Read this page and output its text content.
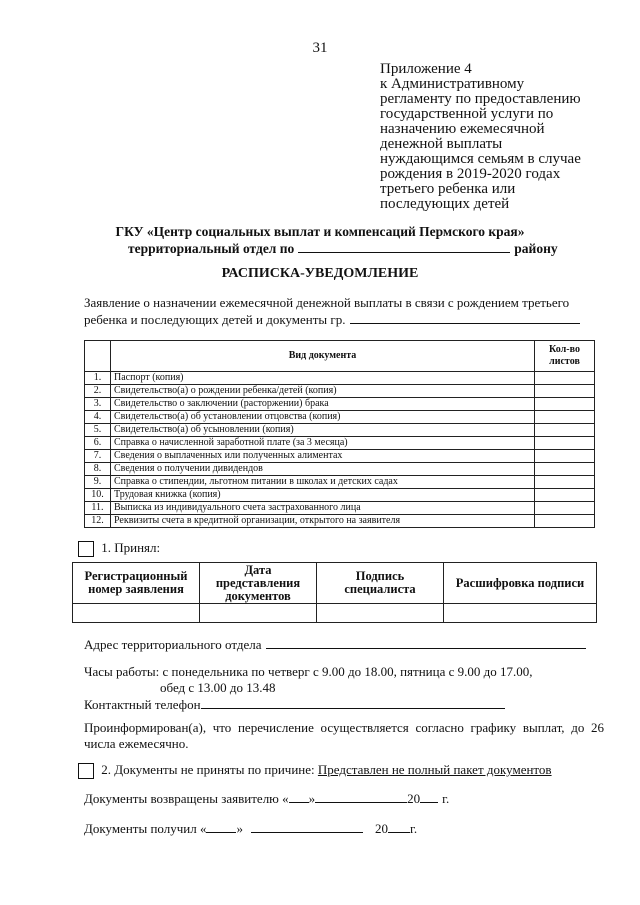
31
Приложение 4
к Административному
регламенту по предоставлению
государственной услуги по
назначению ежемесячной
денежной выплаты
нуждающимся семьям в случае
рождения в 2019-2020 годах
третьего ребенка или
последующих детей
ГКУ «Центр социальных выплат и компенсаций Пермского края»
территориальный отдел по	району
РАСПИСКА-УВЕДОМЛЕНИЕ
Заявление о назначении ежемесячной денежной выплаты в связи с рождением третьего
ребенка и последующих детей и документы гр.
	Вид документа	Кол-во листов
1.	Паспорт (копия)	
2.	Свидетельство(а) о рождении ребенка/детей (копия)	
3.	Свидетельство о заключении (расторжении) брака	
4.	Свидетельство(а) об установлении отцовства (копия)	
5.	Свидетельство(а) об усыновлении (копия)	
6.	Справка о начисленной заработной плате (за 3 месяца)	
7.	Сведения о выплаченных или полученных алиментах	
8.	Сведения о получении дивидендов	
9.	Справка о стипендии, льготном питании в школах и детских садах	
10.	Трудовая книжка (копия)	
11.	Выписка из индивидуального счета застрахованного лица	
12.	Реквизиты счета в кредитной организации, открытого на заявителя	
1. Принял:
Регистрационный номер заявления	Дата представления документов	Подпись специалиста	Расшифровка подписи

Адрес территориального отдела
Часы работы: с понедельника по четверг с 9.00 до 18.00, пятница с 9.00 до 17.00,
обед с 13.00 до 13.48
Контактный телефон
Проинформирован(а), что перечисление осуществляется согласно графику выплат, до 26 числа ежемесячно.
2. Документы не приняты по причине: Представлен не полный пакет документов
Документы возвращены заявителю « »	20 г.
Документы получил « »	20 г.
